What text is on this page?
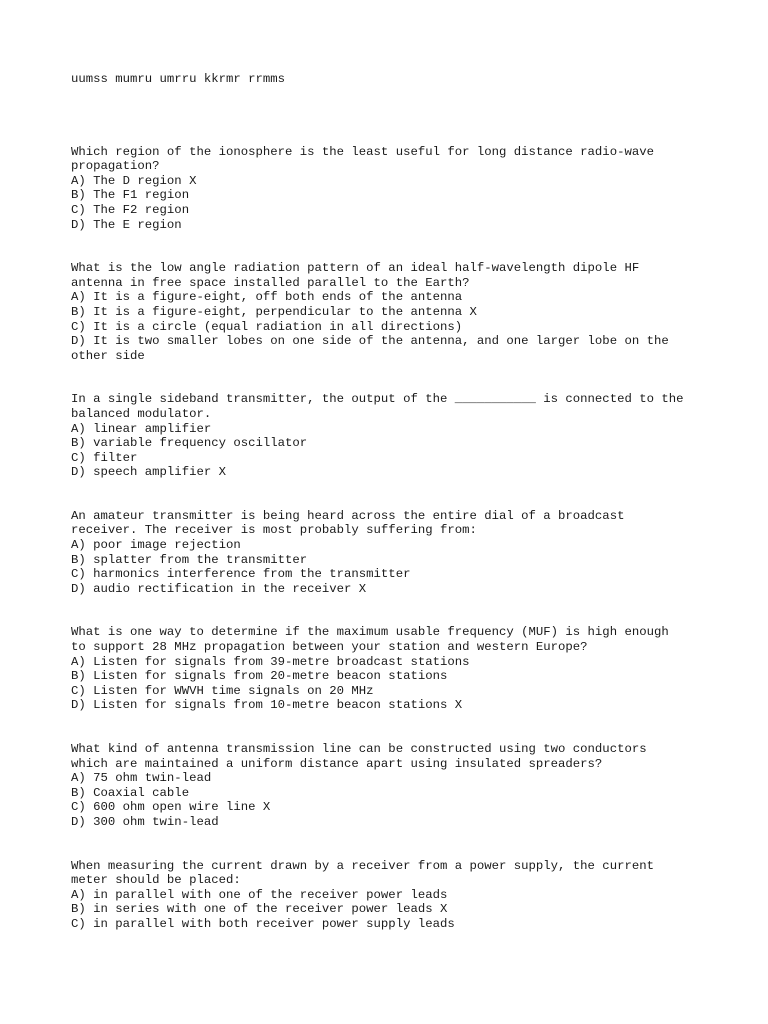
uumss mumru umrru kkrmr rrmms
Which region of the ionosphere is the least useful for long distance radio-wave
propagation?
A) The D region X
B) The F1 region
C) The F2 region
D) The E region
What is the low angle radiation pattern of an ideal half-wavelength dipole HF
antenna in free space installed parallel to the Earth?
A) It is a figure-eight, off both ends of the antenna
B) It is a figure-eight, perpendicular to the antenna X
C) It is a circle (equal radiation in all directions)
D) It is two smaller lobes on one side of the antenna, and one larger lobe on the
other side
In a single sideband transmitter, the output of the ___________ is connected to the
balanced modulator.
A) linear amplifier
B) variable frequency oscillator
C) filter
D) speech amplifier X
An amateur transmitter is being heard across the entire dial of a broadcast
receiver. The receiver is most probably suffering from:
A) poor image rejection
B) splatter from the transmitter
C) harmonics interference from the transmitter
D) audio rectification in the receiver X
What is one way to determine if the maximum usable frequency (MUF) is high enough
to support 28 MHz propagation between your station and western Europe?
A) Listen for signals from 39-metre broadcast stations
B) Listen for signals from 20-metre beacon stations
C) Listen for WWVH time signals on 20 MHz
D) Listen for signals from 10-metre beacon stations X
What kind of antenna transmission line can be constructed using two conductors
which are maintained a uniform distance apart using insulated spreaders?
A) 75 ohm twin-lead
B) Coaxial cable
C) 600 ohm open wire line X
D) 300 ohm twin-lead
When measuring the current drawn by a receiver from a power supply, the current
meter should be placed:
A) in parallel with one of the receiver power leads
B) in series with one of the receiver power leads X
C) in parallel with both receiver power supply leads
